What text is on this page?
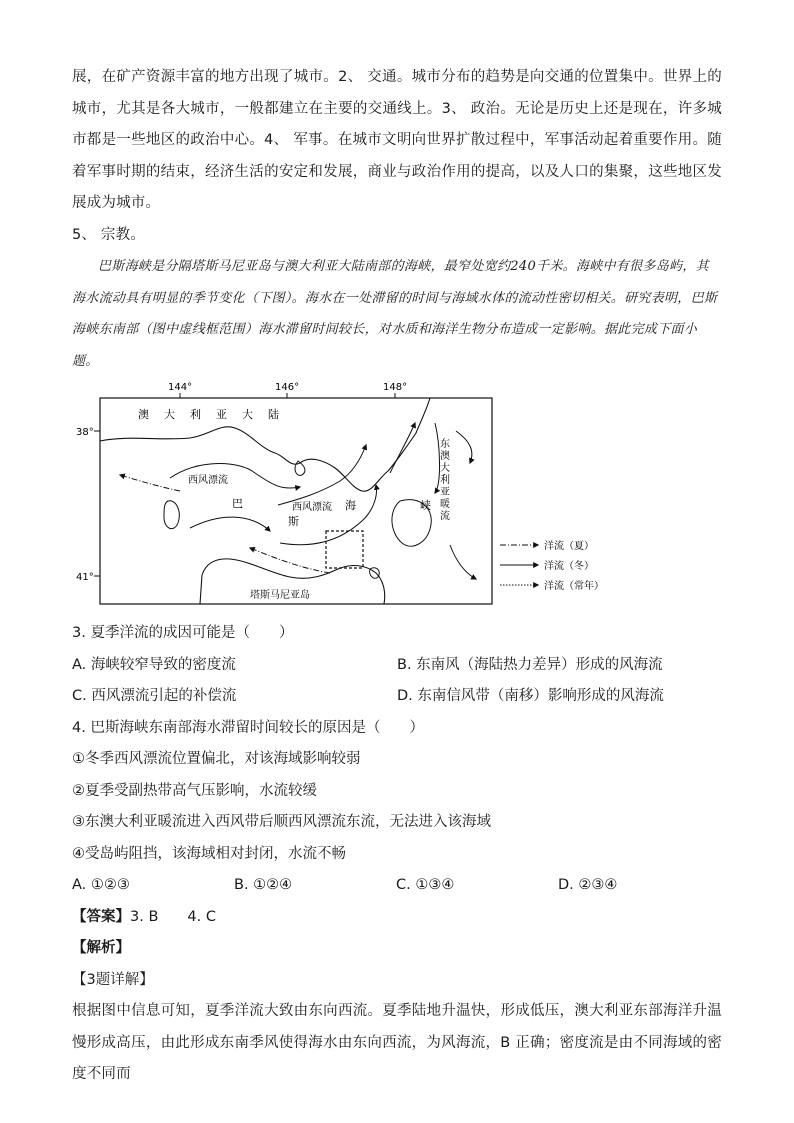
展，在矿产资源丰富的地方出现了城市。2、 交通。城市分布的趋势是向交通的位置集中。世界上的城市，尤其是各大城市，一般都建立在主要的交通线上。3、 政治。无论是历史上还是现在，许多城市都是一些地区的政治中心。4、 军事。在城市文明向世界扩散过程中，军事活动起着重要作用。随着军事时期的结束，经济生活的安定和发展，商业与政治作用的提高，以及人口的集聚，这些地区发展成为城市。

5、 宗教。

巴斯海峡是分隔塔斯马尼亚岛与澳大利亚大陆南部的海峡，最窄处宽约240千米。海峡中有很多岛屿，其海水流动具有明显的季节变化（下图）。海水在一处滞留的时间与海域水体的流动性密切相关。研究表明，巴斯海峡东南部（图中虚线框范围）海水滞留时间较长，对水质和海洋生物分布造成一定影响。据此完成下面小题。

144°	146°	148°
38°
41°
澳　大　利　亚　大　陆
塔斯马尼亚岛
西风漂流
西风漂流
巴
斯
海	峡
东
澳
大
利
亚
暖
流
洋流（夏）
洋流（冬）
洋流（常年）

3. 夏季洋流的成因可能是（　　）

A. 海峡较窄导致的密度流	B. 东南风（海陆热力差异）形成的风海流
C. 西风漂流引起的补偿流	D. 东南信风带（南移）影响形成的风海流

4. 巴斯海峡东南部海水滞留时间较长的原因是（　　）

①冬季西风漂流位置偏北，对该海域影响较弱

②夏季受副热带高气压影响，水流较缓

③东澳大利亚暖流进入西风带后顺西风漂流东流，无法进入该海域

④受岛屿阻挡，该海域相对封闭，水流不畅

A. ①②③	B. ①②④	C. ①③④	D. ②③④

【答案】3. B　　4. C

【解析】

【3题详解】

根据图中信息可知，夏季洋流大致由东向西流。夏季陆地升温快，形成低压，澳大利亚东部海洋升温慢形成高压，由此形成东南季风使得海水由东向西流，为风海流，B 正确；密度流是由不同海域的密度不同而
